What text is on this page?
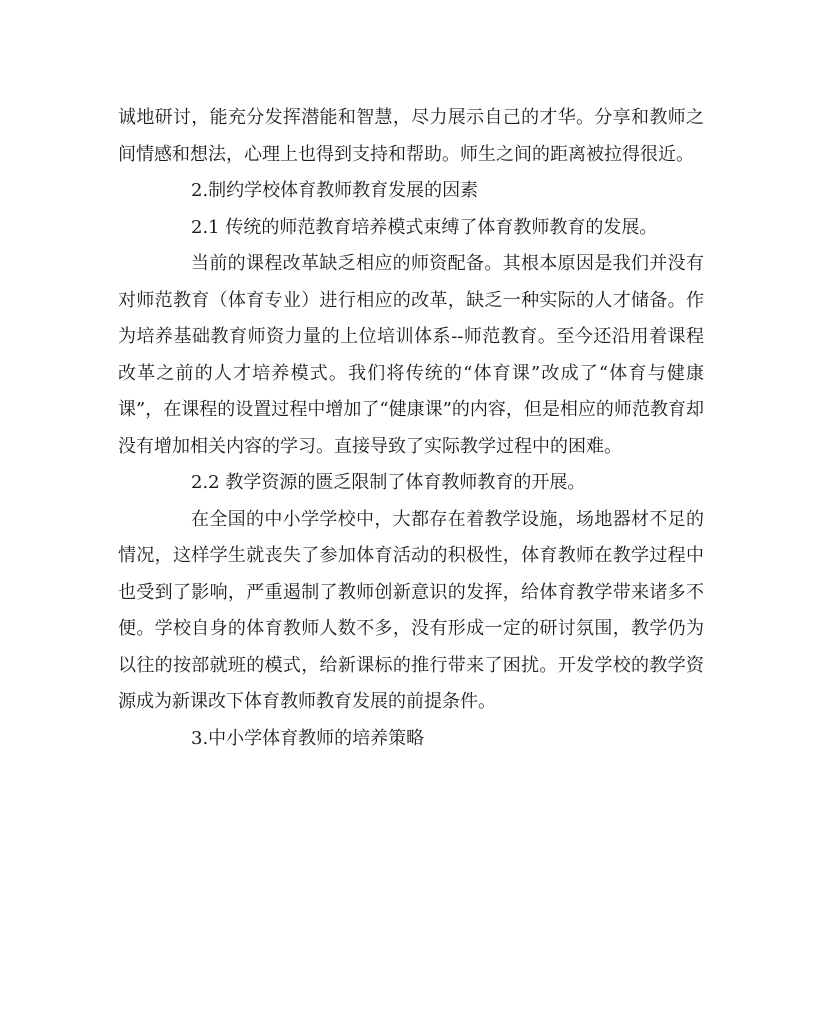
诚地研讨，能充分发挥潜能和智慧，尽力展示自己的才华。分享和教师之间情感和想法，心理上也得到支持和帮助。师生之间的距离被拉得很近。

2.制约学校体育教师教育发展的因素

2.1 传统的师范教育培养模式束缚了体育教师教育的发展。

当前的课程改革缺乏相应的师资配备。其根本原因是我们并没有对师范教育（体育专业）进行相应的改革，缺乏一种实际的人才储备。作为培养基础教育师资力量的上位培训体系--师范教育。至今还沿用着课程改革之前的人才培养模式。我们将传统的“体育课”改成了“体育与健康课”，在课程的设置过程中增加了“健康课”的内容，但是相应的师范教育却没有增加相关内容的学习。直接导致了实际教学过程中的困难。

2.2 教学资源的匮乏限制了体育教师教育的开展。

在全国的中小学学校中，大都存在着教学设施，场地器材不足的情况，这样学生就丧失了参加体育活动的积极性，体育教师在教学过程中也受到了影响，严重遏制了教师创新意识的发挥，给体育教学带来诸多不便。学校自身的体育教师人数不多，没有形成一定的研讨氛围，教学仍为以往的按部就班的模式，给新课标的推行带来了困扰。开发学校的教学资源成为新课改下体育教师教育发展的前提条件。

3.中小学体育教师的培养策略
